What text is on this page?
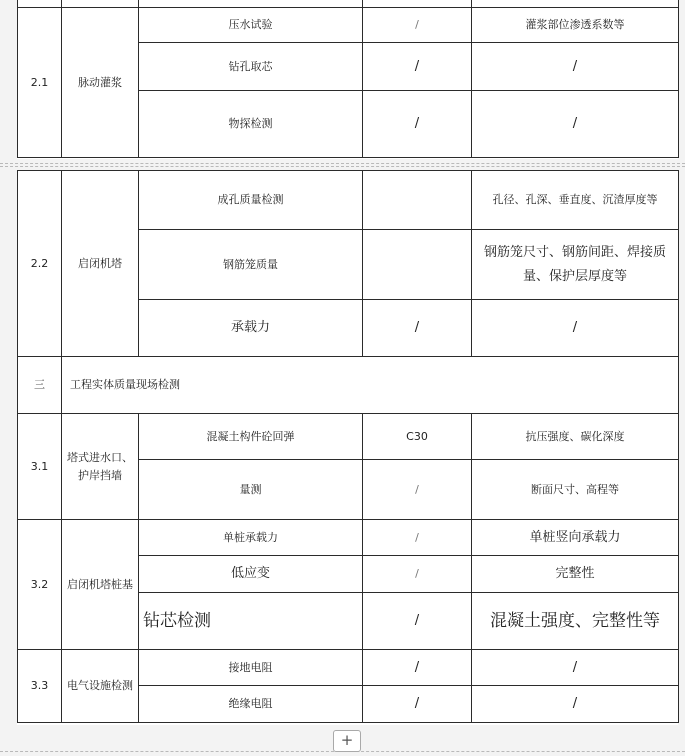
2.1	脉动灌浆	压水试验	/	灌浆部位渗透系数等
		钻孔取芯	/	/
		物探检测	/	/
2.2	启闭机塔	成孔质量检测		孔径、孔深、垂直度、沉渣厚度等
		钢筋笼质量		钢筋笼尺寸、钢筋间距、焊接质量、保护层厚度等
		承载力	/	/
三	工程实体质量现场检测			
3.1	塔式进水口、护岸挡墙	混凝土构件砼回弹	C30	抗压强度、碳化深度
		量测	/	断面尺寸、高程等
3.2	启闭机塔桩基	单桩承载力	/	单桩竖向承载力
		低应变	/	完整性
		钻芯检测	/	混凝土强度、完整性等
3.3	电气设施检测	接地电阻	/	/
		绝缘电阻	/	/
+
